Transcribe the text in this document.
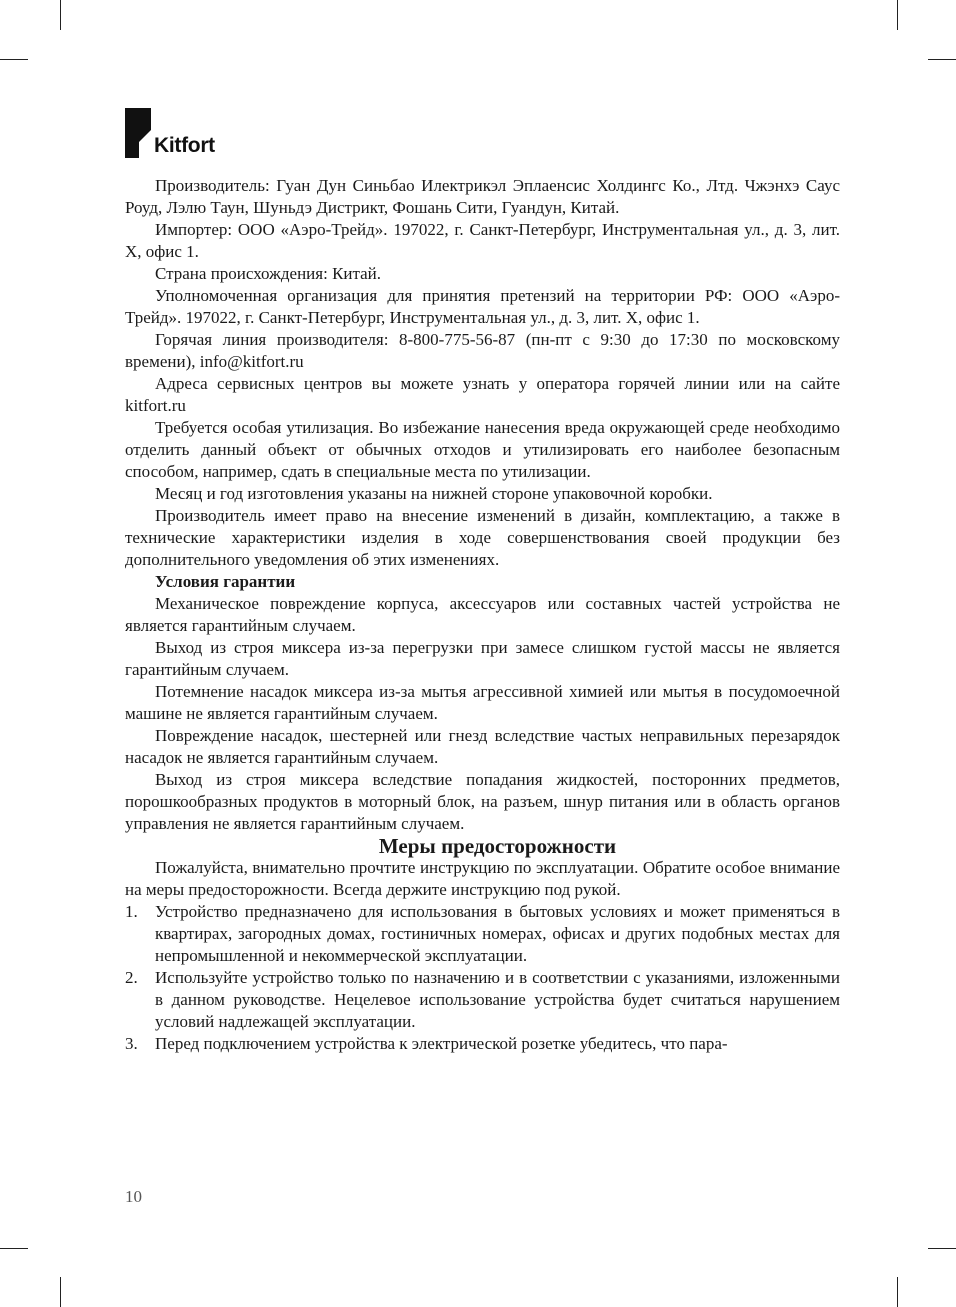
Kitfort

Производитель: Гуан Дун Синьбао Илектрикэл Эплаенсис Холдингс Ко., Лтд. Чжэнхэ Саус Роуд, Лэлю Таун, Шуньдэ Дистрикт, Фошань Сити, Гуандун, Китай.

Импортер: ООО «Аэро-Трейд». 197022, г. Санкт-Петербург, Инструментальная ул., д. 3, лит. Х, офис 1.

Страна происхождения: Китай.

Уполномоченная организация для принятия претензий на территории РФ: ООО «Аэро-Трейд». 197022, г. Санкт-Петербург, Инструментальная ул., д. 3, лит. Х, офис 1.

Горячая линия производителя: 8-800-775-56-87 (пн-пт с 9:30 до 17:30 по московскому времени), info@kitfort.ru

Адреса сервисных центров вы можете узнать у оператора горячей линии или на сайте kitfort.ru

Требуется особая утилизация. Во избежание нанесения вреда окружающей среде необходимо отделить данный объект от обычных отходов и утилизировать его наиболее безопасным способом, например, сдать в специальные места по утилизации.

Месяц и год изготовления указаны на нижней стороне упаковочной коробки.

Производитель имеет право на внесение изменений в дизайн, комплектацию, а также в технические характеристики изделия в ходе совершенствования своей продукции без дополнительного уведомления об этих изменениях.

Условия гарантии

Механическое повреждение корпуса, аксессуаров или составных частей устройства не является гарантийным случаем.

Выход из строя миксера из-за перегрузки при замесе слишком густой массы не является гарантийным случаем.

Потемнение насадок миксера из-за мытья агрессивной химией или мытья в посудомоечной машине не является гарантийным случаем.

Повреждение насадок, шестерней или гнезд вследствие частых неправильных перезарядок насадок не является гарантийным случаем.

Выход из строя миксера вследствие попадания жидкостей, посторонних предметов, порошкообразных продуктов в моторный блок, на разъем, шнур питания или в область органов управления не является гарантийным случаем.

Меры предосторожности

Пожалуйста, внимательно прочтите инструкцию по эксплуатации. Обратите особое внимание на меры предосторожности. Всегда держите инструкцию под рукой.

1. Устройство предназначено для использования в бытовых условиях и может применяться в квартирах, загородных домах, гостиничных номерах, офисах и других подобных местах для непромышленной и некоммерческой эксплуатации.
2. Используйте устройство только по назначению и в соответствии с указаниями, изложенными в данном руководстве. Нецелевое использование устройства будет считаться нарушением условий надлежащей эксплуатации.
3. Перед подключением устройства к электрической розетке убедитесь, что пара-
10
